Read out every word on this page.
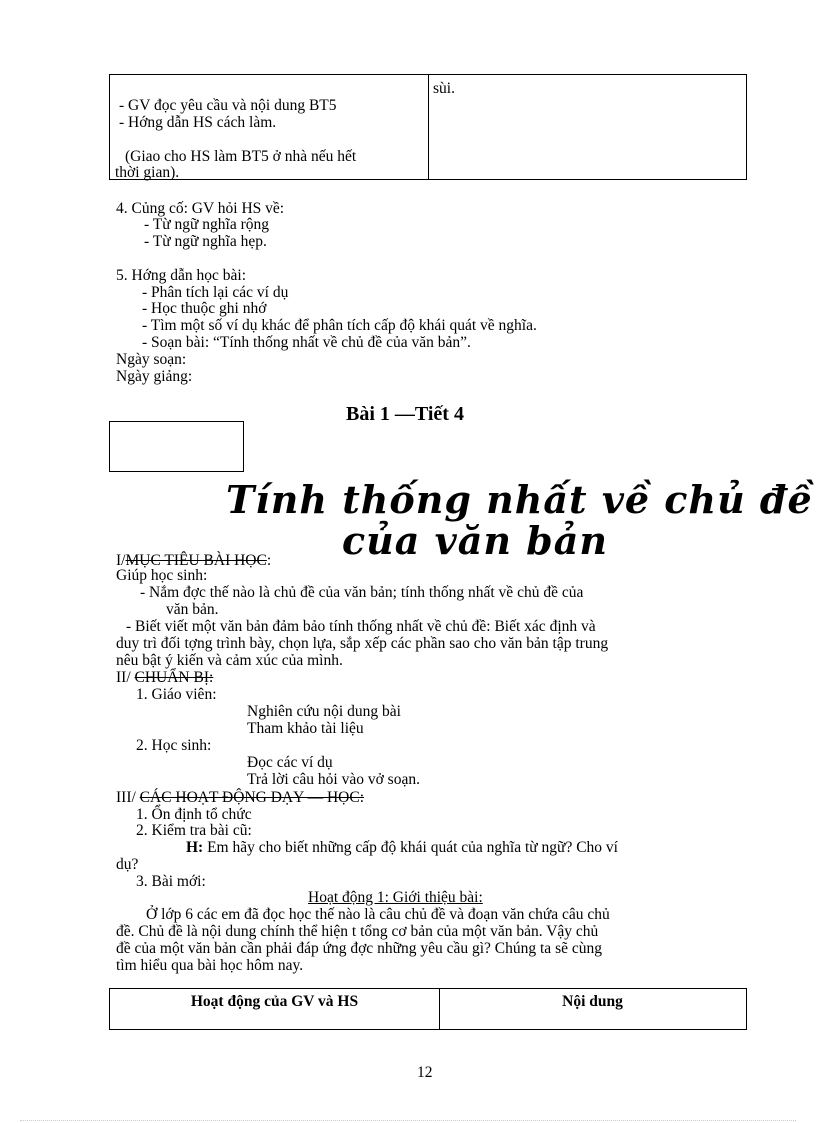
- GV đọc yêu cầu và nội dung BT5
- Hớng dẫn HS cách làm.
(Giao cho HS làm BT5 ở nhà nếu hết
thời gian).
sùi.
4. Củng cố: GV hỏi HS về:
- Từ ngữ nghĩa rộng
- Từ ngữ nghĩa hẹp.
5. Hớng dẫn học bài:
- Phân tích lại các ví dụ
- Học thuộc ghi nhớ
- Tìm một số ví dụ khác để phân tích cấp độ khái quát về nghĩa.
- Soạn bài: “Tính thống nhất về chủ đề của văn bản”.
Ngày soạn:
Ngày giảng:
Bài 1 —Tiết 4
Tính thống nhất về chủ đề
của văn bản
I/MỤC TIÊU BÀI HỌC:
Giúp học sinh:
- Nắm đợc thế nào là chủ đề của văn bản; tính thống nhất về chủ đề của
văn bản.
- Biết viết một văn bản đảm bảo tính thống nhất về chủ đề: Biết xác định và
duy trì đối tợng trình bày, chọn lựa, sắp xếp các phần sao cho văn bản tập trung
nêu bật ý kiến và cảm xúc của mình.
II/ CHUẨN BỊ:
1. Giáo viên:
Nghiên cứu nội dung bài
Tham khảo tài liệu
2. Học sinh:
Đọc các ví dụ
Trả lời câu hỏi vào vở soạn.
III/ CÁC HOẠT ĐỘNG DẠY — HỌC:
1. Ổn định tổ chức
2. Kiểm tra bài cũ:
H: Em hãy cho biết những cấp độ khái quát của nghĩa từ ngữ? Cho ví
dụ?
3. Bài mới:
Hoạt động 1: Giới thiệu bài:
Ở lớp 6 các em đã đọc học thế nào là câu chủ đề và đoạn văn chứa câu chủ
đề. Chủ đề là nội dung chính thể hiện t tổng cơ bản của một văn bản. Vậy chủ
đề của một văn bản cần phải đáp ứng đợc những yêu cầu gì? Chúng ta sẽ cùng
tìm hiểu qua bài học hôm nay.
Hoạt động của GV và HS	Nội dung
12
